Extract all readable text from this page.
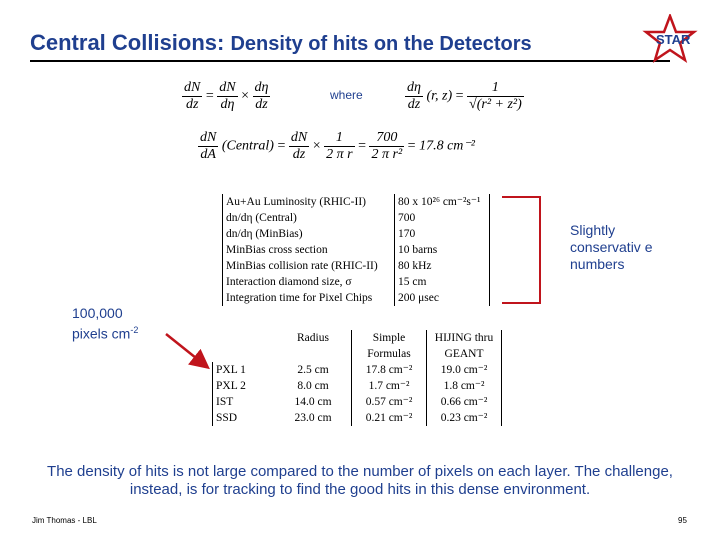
Central Collisions: Density of hits on the Detectors	STAR
$\frac{dN}{dz} = \frac{dN}{d\eta} \times \frac{d\eta}{dz}$	where	$\frac{d\eta}{dz} (r$, $z) = \frac{1}{\text{√(r² + z²)}}$
$\frac{dN}{dA}$ (Central) = $\frac{dN}{dz} \times \frac{1}{\text{2 π r}} = \frac{700}{\text{2 π r²}} = 17.8$ cm⁻²
Au+Au Luminosity (RHIC-II)	80 x 10²⁶ cm⁻²s⁻¹
dn/dη (Central)	700
dn/dη (MinBias)	170
MinBias cross section	10 barns
MinBias collision rate (RHIC-II)	80 kHz
Interaction diamond size, σ	15 cm
Integration time for Pixel Chips	200 μsec
Slightly conservativ e numbers
100,000
pixels $cm^{-2}$
	Radius	Simple Formulas	HIJING thru GEANT
PXL 1	2.5 cm	17.8 cm⁻²	19.0 cm⁻²
PXL 2	8.0 cm	1.7 cm⁻²	1.8 cm⁻²
IST	14.0 cm	0.57 cm⁻²	0.66 cm⁻²
SSD	23.0 cm	0.21 cm⁻²	0.23 cm⁻²
The density of hits is not large compared to the number of pixels on each layer. The challenge, instead, is for tracking to find the good hits in this dense environment.
Jim Thomas - LBL	95
